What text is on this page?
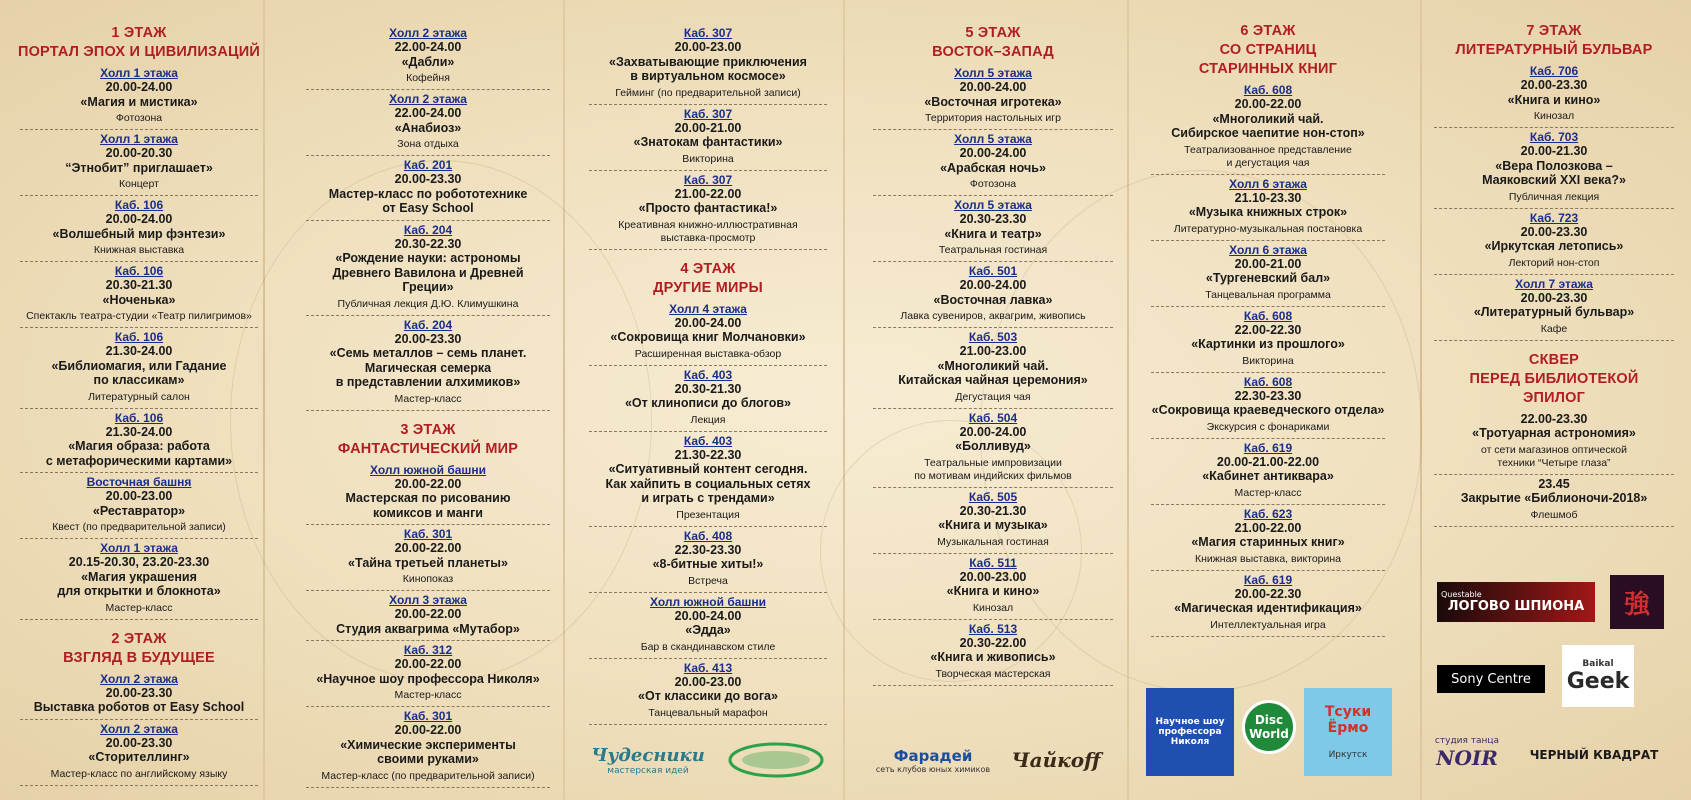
1 ЭТАЖ
ПОРТАЛ ЭПОХ И ЦИВИЛИЗАЦИЙ
Холл 1 этажа
20.00-24.00
«Магия и мистика»
Фотозона
Холл 1 этажа
20.00-20.30
“Этнобит” приглашает»
Концерт
Каб. 106
20.00-24.00
«Волшебный мир фэнтези»
Книжная выставка
Каб. 106
20.30-21.30
«Ноченька»
Спектакль театра-студии «Театр пилигримов»
Каб. 106
21.30-24.00
«Библиомагия, или Гадание
по классикам»
Литературный салон
Каб. 106
21.30-24.00
«Магия образа: работа
с метафорическими картами»
Восточная башня
20.00-23.00
«Реставратор»
Квест (по предварительной записи)
Холл 1 этажа
20.15-20.30, 23.20-23.30
«Магия украшения
для открытки и блокнота»
Мастер-класс
2 ЭТАЖ
ВЗГЛЯД В БУДУЩЕЕ
Холл 2 этажа
20.00-23.30
Выставка роботов от Easy School
Холл 2 этажа
20.00-23.30
«Сторителлинг»
Мастер-класс по английскому языку
Холл 2 этажа
22.00-24.00
«Дабли»
Кофейня
Холл 2 этажа
22.00-24.00
«Анабиоз»
Зона отдыха
Каб. 201
20.00-23.30
Мастер-класс по робототехнике
от Easy School
Каб. 204
20.30-22.30
«Рождение науки: астрономы
Древнего Вавилона и Древней Греции»
Публичная лекция Д.Ю. Климушкина
Каб. 204
20.00-23.30
«Семь металлов – семь планет.
Магическая семерка
в представлении алхимиков»
Мастер-класс
3 ЭТАЖ
ФАНТАСТИЧЕСКИЙ МИР
Холл южной башни
20.00-22.00
Мастерская по рисованию
комиксов и манги
Каб. 301
20.00-22.00
«Тайна третьей планеты»
Кинопоказ
Холл 3 этажа
20.00-22.00
Студия аквагрима «Мутабор»
Каб. 312
20.00-22.00
«Научное шоу профессора Николя»
Мастер-класс
Каб. 301
20.00-22.00
«Химические эксперименты
своими руками»
Мастер-класс (по предварительной записи)
Каб. 307
20.00-23.00
«Захватывающие приключения
в виртуальном космосе»
Гейминг (по предварительной записи)
Каб. 307
20.00-21.00
«Знатокам фантастики»
Викторина
Каб. 307
21.00-22.00
«Просто фантастика!»
Креативная книжно-иллюстративная
выставка-просмотр
4 ЭТАЖ
ДРУГИЕ МИРЫ
Холл 4 этажа
20.00-24.00
«Сокровища книг Молчановки»
Расширенная выставка-обзор
Каб. 403
20.30-21.30
«От клинописи до блогов»
Лекция
Каб. 403
21.30-22.30
«Ситуативный контент сегодня.
Как хайпить в социальных сетях
и играть с трендами»
Презентация
Каб. 408
22.30-23.30
«8-битные хиты!»
Встреча
Холл южной башни
20.00-24.00
«Эдда»
Бар в скандинавском стиле
Каб. 413
20.00-23.00
«От классики до вога»
Танцевальный марафон
5 ЭТАЖ
ВОСТОК–ЗАПАД
Холл 5 этажа
20.00-24.00
«Восточная игротека»
Территория настольных игр
Холл 5 этажа
20.00-24.00
«Арабская ночь»
Фотозона
Холл 5 этажа
20.30-23.30
«Книга и театр»
Театральная гостиная
Каб. 501
20.00-24.00
«Восточная лавка»
Лавка сувениров, аквагрим, живопись
Каб. 503
21.00-23.00
«Многоликий чай.
Китайская чайная церемония»
Дегустация чая
Каб. 504
20.00-24.00
«Болливуд»
Театральные импровизации
по мотивам индийских фильмов
Каб. 505
20.30-21.30
«Книга и музыка»
Музыкальная гостиная
Каб. 511
20.00-23.00
«Книга и кино»
Кинозал
Каб. 513
20.30-22.00
«Книга и живопись»
Творческая мастерская
6 ЭТАЖ
СО СТРАНИЦ
СТАРИННЫХ КНИГ
Каб. 608
20.00-22.00
«Многоликий чай.
Сибирское чаепитие нон-стоп»
Театрализованное представление
и дегустация чая
Холл 6 этажа
21.10-23.30
«Музыка книжных строк»
Литературно-музыкальная постановка
Холл 6 этажа
20.00-21.00
«Тургеневский бал»
Танцевальная программа
Каб. 608
22.00-22.30
«Картинки из прошлого»
Викторина
Каб. 608
22.30-23.30
«Сокровища краеведческого отдела»
Экскурсия с фонариками
Каб. 619
20.00-21.00-22.00
«Кабинет антиквара»
Мастер-класс
Каб. 623
21.00-22.00
«Магия старинных книг»
Книжная выставка, викторина
Каб. 619
20.00-22.30
«Магическая идентификация»
Интеллектуальная игра
7 ЭТАЖ
ЛИТЕРАТУРНЫЙ БУЛЬВАР
Каб. 706
20.00-23.30
«Книга и кино»
Кинозал
Каб. 703
20.00-21.30
«Вера Полозкова –
Маяковский XXI века?»
Публичная лекция
Каб. 723
20.00-23.30
«Иркутская летопись»
Лекторий нон-стоп
Холл 7 этажа
20.00-23.30
«Литературный бульвар»
Кафе
СКВЕР
ПЕРЕД БИБЛИОТЕКОЙ
ЭПИЛОГ
22.00-23.30
«Тротуарная астрономия»
от сети магазинов оптической
техники “Четыре глаза”
23.45
Закрытие «Библионочи-2018»
Флешмоб
Чудесники
мастерская идей
Фарадей
сеть клубов юных химиков Чайкоff
Научное шоу профессора Николя
Disc World
Тсуки Ёрмо
Иркутск
Questable
ЛОГОВО ШПИОНА 強
Sony Centre
Baikal
Geek
студия танца
NOIR	ЧЕРНЫЙ КВАДРАТ
